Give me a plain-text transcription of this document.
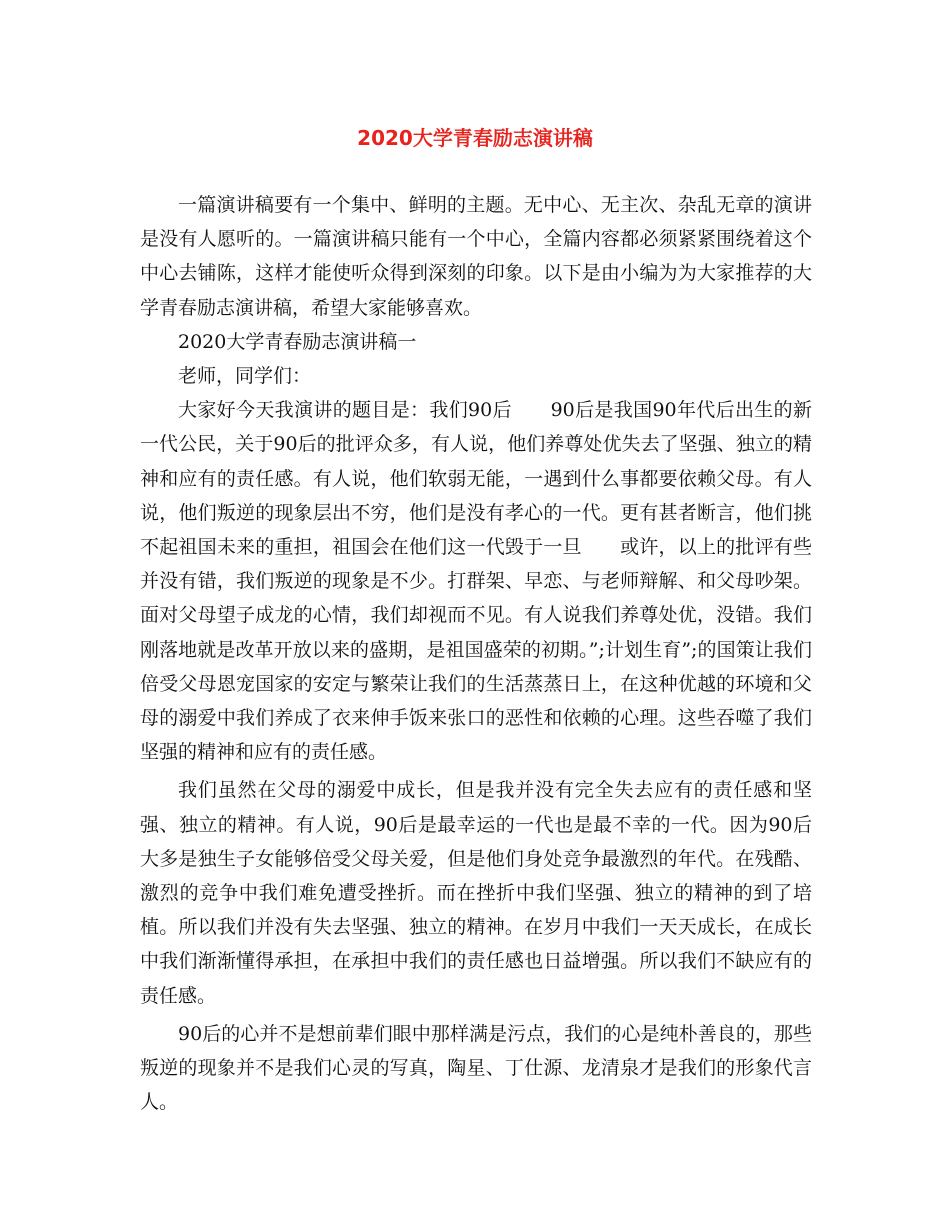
2020大学青春励志演讲稿

一篇演讲稿要有一个集中、鲜明的主题。无中心、无主次、杂乱无章的演讲是没有人愿听的。一篇演讲稿只能有一个中心，全篇内容都必须紧紧围绕着这个中心去铺陈，这样才能使听众得到深刻的印象。以下是由小编为为大家推荐的大学青春励志演讲稿，希望大家能够喜欢。

2020大学青春励志演讲稿一

老师，同学们：

大家好今天我演讲的题目是：我们90后　　90后是我国90年代后出生的新一代公民，关于90后的批评众多，有人说，他们养尊处优失去了坚强、独立的精神和应有的责任感。有人说，他们软弱无能，一遇到什么事都要依赖父母。有人说，他们叛逆的现象层出不穷，他们是没有孝心的一代。更有甚者断言，他们挑不起祖国未来的重担，祖国会在他们这一代毁于一旦　　或许，以上的批评有些并没有错，我们叛逆的现象是不少。打群架、早恋、与老师辩解、和父母吵架。面对父母望子成龙的心情，我们却视而不见。有人说我们养尊处优，没错。我们刚落地就是改革开放以来的盛期，是祖国盛荣的初期。”;计划生育”;的国策让我们倍受父母恩宠国家的安定与繁荣让我们的生活蒸蒸日上，在这种优越的环境和父母的溺爱中我们养成了衣来伸手饭来张口的恶性和依赖的心理。这些吞噬了我们坚强的精神和应有的责任感。

我们虽然在父母的溺爱中成长，但是我并没有完全失去应有的责任感和坚强、独立的精神。有人说，90后是最幸运的一代也是最不幸的一代。因为90后大多是独生子女能够倍受父母关爱，但是他们身处竞争最激烈的年代。在残酷、激烈的竞争中我们难免遭受挫折。而在挫折中我们坚强、独立的精神的到了培植。所以我们并没有失去坚强、独立的精神。在岁月中我们一天天成长，在成长中我们渐渐懂得承担，在承担中我们的责任感也日益增强。所以我们不缺应有的责任感。

90后的心并不是想前辈们眼中那样满是污点，我们的心是纯朴善良的，那些叛逆的现象并不是我们心灵的写真，陶星、丁仕源、龙清泉才是我们的形象代言人。
